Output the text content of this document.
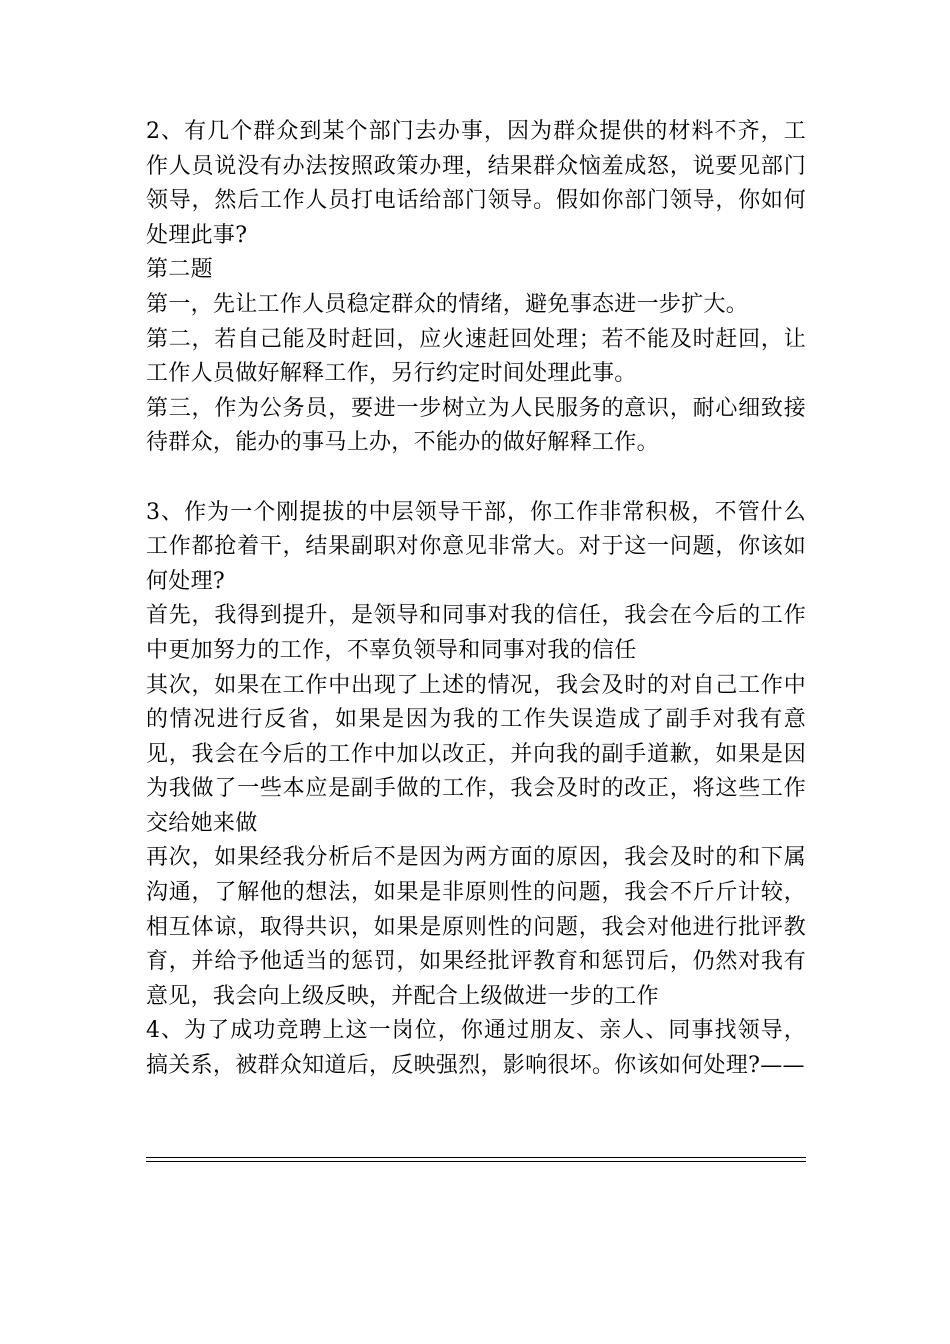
2、有几个群众到某个部门去办事，因为群众提供的材料不齐，工作人员说没有办法按照政策办理，结果群众恼羞成怒，说要见部门领导，然后工作人员打电话给部门领导。假如你部门领导，你如何处理此事?

第二题

第一，先让工作人员稳定群众的情绪，避免事态进一步扩大。

第二，若自己能及时赶回，应火速赶回处理；若不能及时赶回，让工作人员做好解释工作，另行约定时间处理此事。

第三，作为公务员，要进一步树立为人民服务的意识，耐心细致接待群众，能办的事马上办，不能办的做好解释工作。

3、作为一个刚提拔的中层领导干部，你工作非常积极，不管什么工作都抢着干，结果副职对你意见非常大。对于这一问题，你该如何处理?

首先，我得到提升，是领导和同事对我的信任，我会在今后的工作中更加努力的工作，不辜负领导和同事对我的信任

其次，如果在工作中出现了上述的情况，我会及时的对自己工作中的情况进行反省，如果是因为我的工作失误造成了副手对我有意见，我会在今后的工作中加以改正，并向我的副手道歉，如果是因为我做了一些本应是副手做的工作，我会及时的改正，将这些工作交给她来做

再次，如果经我分析后不是因为两方面的原因，我会及时的和下属沟通，了解他的想法，如果是非原则性的问题，我会不斤斤计较，相互体谅，取得共识，如果是原则性的问题，我会对他进行批评教育，并给予他适当的惩罚，如果经批评教育和惩罚后，仍然对我有意见，我会向上级反映，并配合上级做进一步的工作

4、为了成功竞聘上这一岗位，你通过朋友、亲人、同事找领导，搞关系，被群众知道后，反映强烈，影响很坏。你该如何处理?——
